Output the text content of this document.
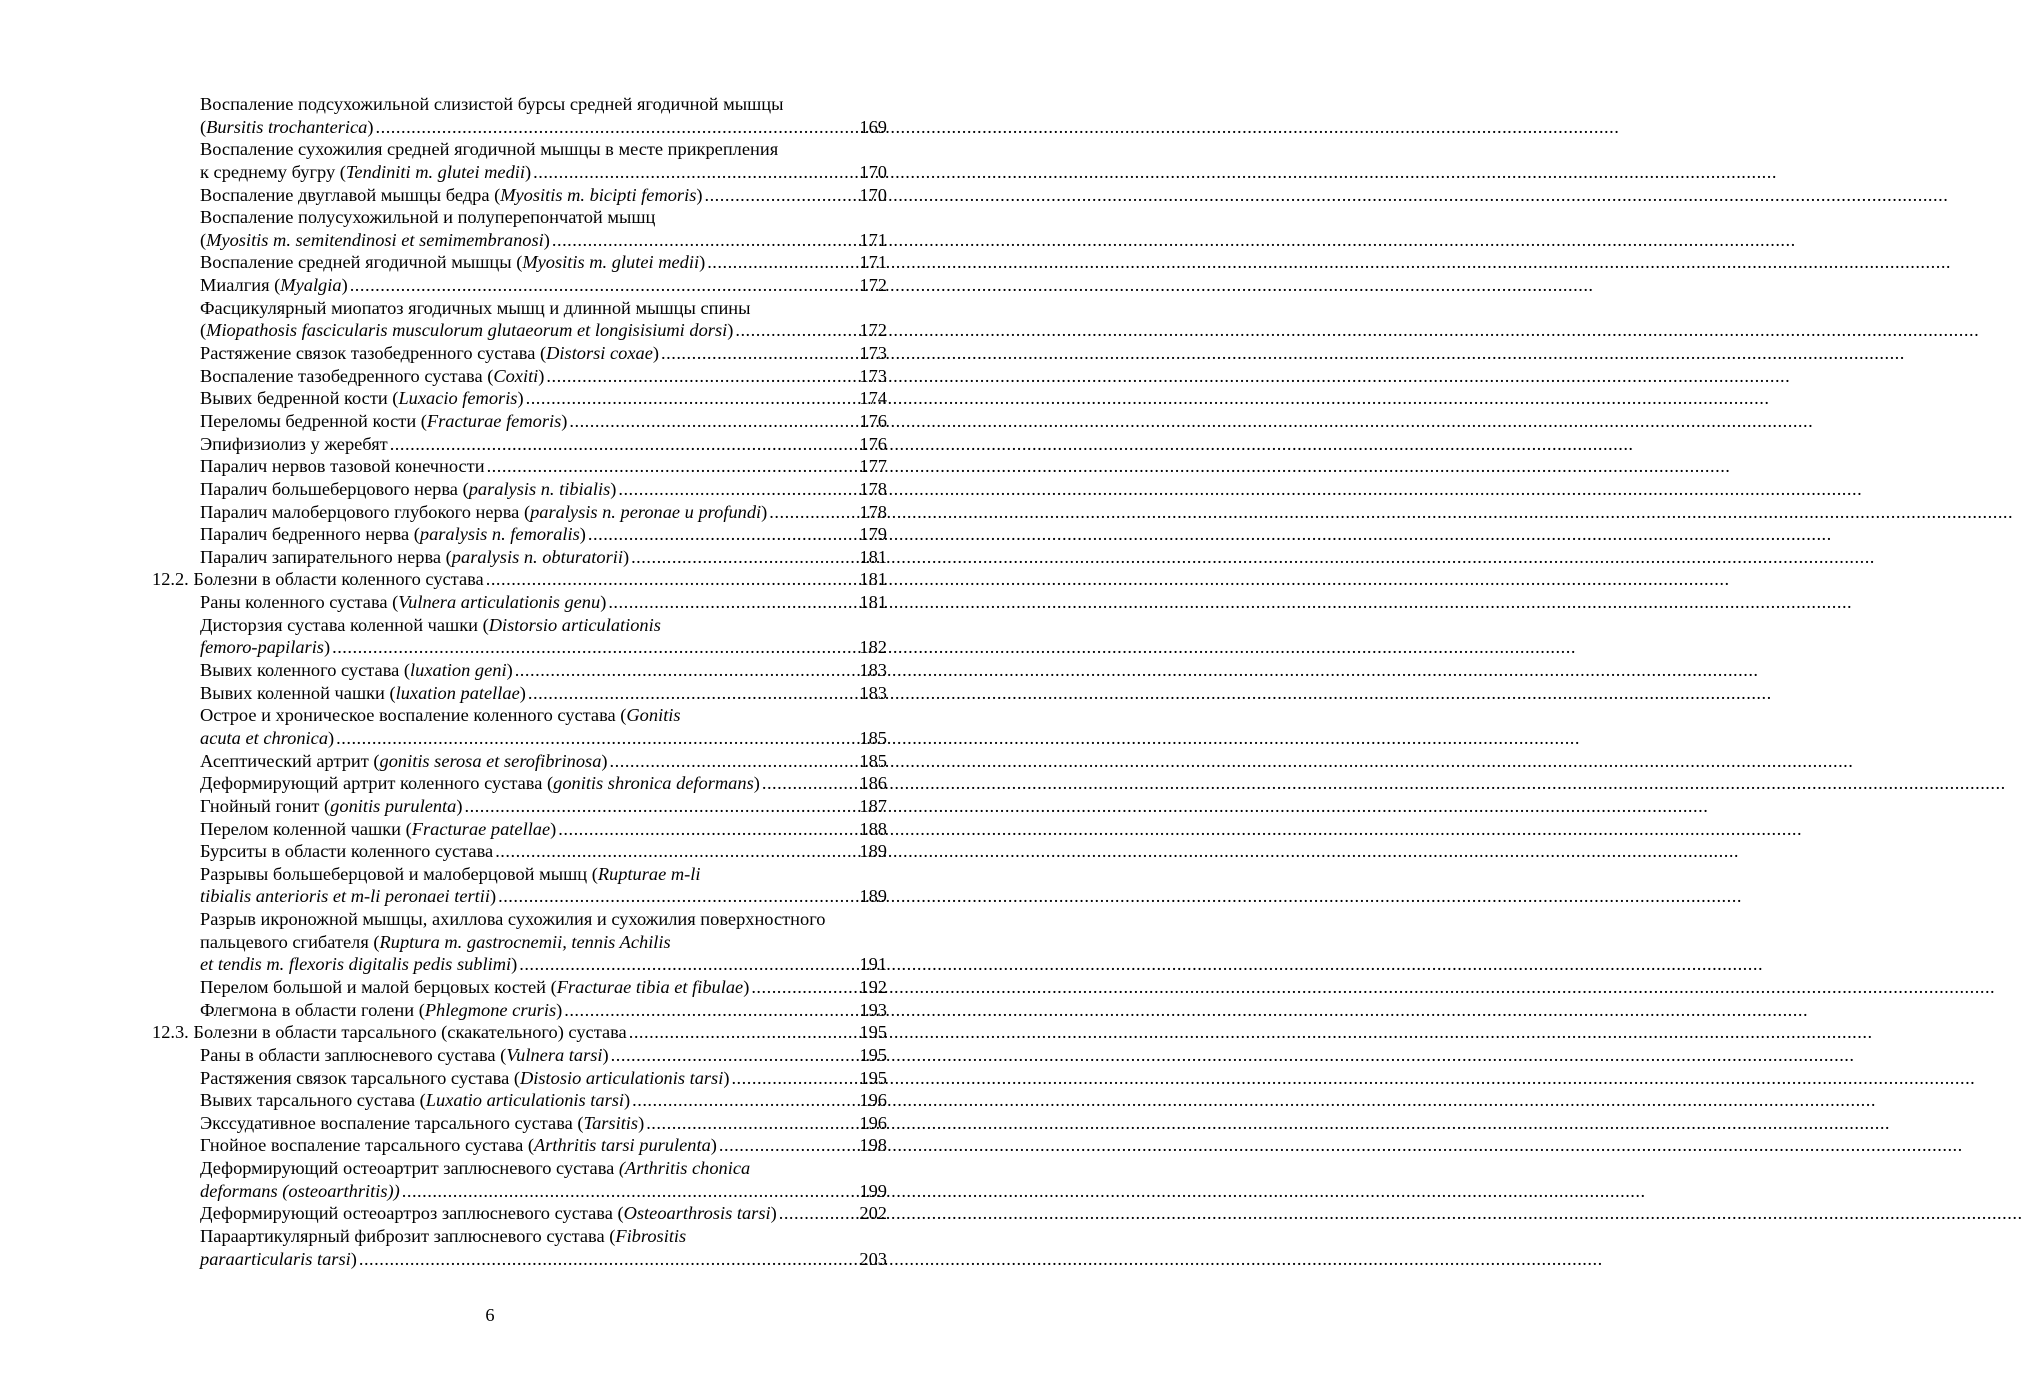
Воспаление подсухожильной слизистой бурсы средней ягодичной мышцы
(Bursitis trochanterica) .....	169
Воспаление сухожилия средней ягодичной мышцы в месте прикрепления
к среднему бугру (Tendiniti m. glutei medii) .....	170
Воспаление двуглавой мышцы бедра (Myositis m. bicipti femoris) .....	170
Воспаление полусухожильной и полуперепончатой мышц
(Myositis m. semitendinosi et semimembranosi) .....	171
Воспаление средней ягодичной мышцы (Myositis m. glutei medii) .....	171
Миалгия (Myalgia) .....	172
Фасцикулярный миопатоз ягодичных мышц и длинной мышцы спины
(Miopathosis fascicularis musculorum glutaeorum et longisisiumi dorsi) .....	172
Растяжение связок тазобедренного сустава (Distorsi coxae) .....	173
Воспаление тазобедренного сустава (Coxiti) .....	173
Вывих бедренной кости (Luxacio femoris) .....	174
Переломы бедренной кости (Fracturae femoris) .....	176
Эпифизиолиз у жеребят .....	176
Паралич нервов тазовой конечности .....	177
Паралич большеберцового нерва (paralysis n. tibialis) .....	178
Паралич малоберцового глубокого нерва (paralysis n. peronae u profundi) .....	178
Паралич бедренного нерва (paralysis n. femoralis) .....	179
Паралич запирательного нерва (paralysis n. obturatorii) .....	181
12.2. Болезни в области коленного сустава .....	181
Раны коленного сустава (Vulnera articulationis genu) .....	181
Дисторзия сустава коленной чашки (Distorsio articulationis
femoro-papilaris) .....	182
Вывих коленного сустава (luxation geni) .....	183
Вывих коленной чашки (luxation patellae) .....	183
Острое и хроническое воспаление коленного сустава (Gonitis
acuta et chronica) .....	185
Асептический артрит (gonitis serosa et serofibrinosa) .....	185
Деформирующий артрит коленного сустава (gonitis shronica deformans) .....	186
Гнойный гонит (gonitis purulenta) .....	187
Перелом коленной чашки (Fracturae patellae) .....	188
Бурситы в области коленного сустава .....	189
Разрывы большеберцовой и малоберцовой мышц (Rupturae m-li
tibialis anterioris et m-li peronaei tertii) .....	189
Разрыв икроножной мышцы, ахиллова сухожилия и сухожилия поверхностного
пальцевого сгибателя (Ruptura m. gastrocnemii, tennis Achilis
et tendis m. flexoris digitalis pedis sublimi) .....	191
Перелом большой и малой берцовых костей (Fracturae tibia et fibulae) .....	192
Флегмона в области голени (Phlegmone cruris) .....	193
12.3. Болезни в области тарсального (скакательного) сустава .....	195
Раны в области заплюсневого сустава (Vulnera tarsi) .....	195
Растяжения связок тарсального сустава (Distosio articulationis tarsi) .....	195
Вывих тарсального сустава (Luxatio articulationis tarsi) .....	196
Экссудативное воспаление тарсального сустава (Tarsitis) .....	196
Гнойное воспаление тарсального сустава (Arthritis tarsi purulenta) .....	198
Деформирующий остеоартрит заплюсневого сустава (Arthritis chonica
deformans (osteoarthritis)) .....	199
Деформирующий остеоартроз заплюсневого сустава (Osteoarthrosis tarsi) .....	202
Параартикулярный фиброзит заплюсневого сустава (Fibrositis
paraarticularis tarsi) .....	203
6
